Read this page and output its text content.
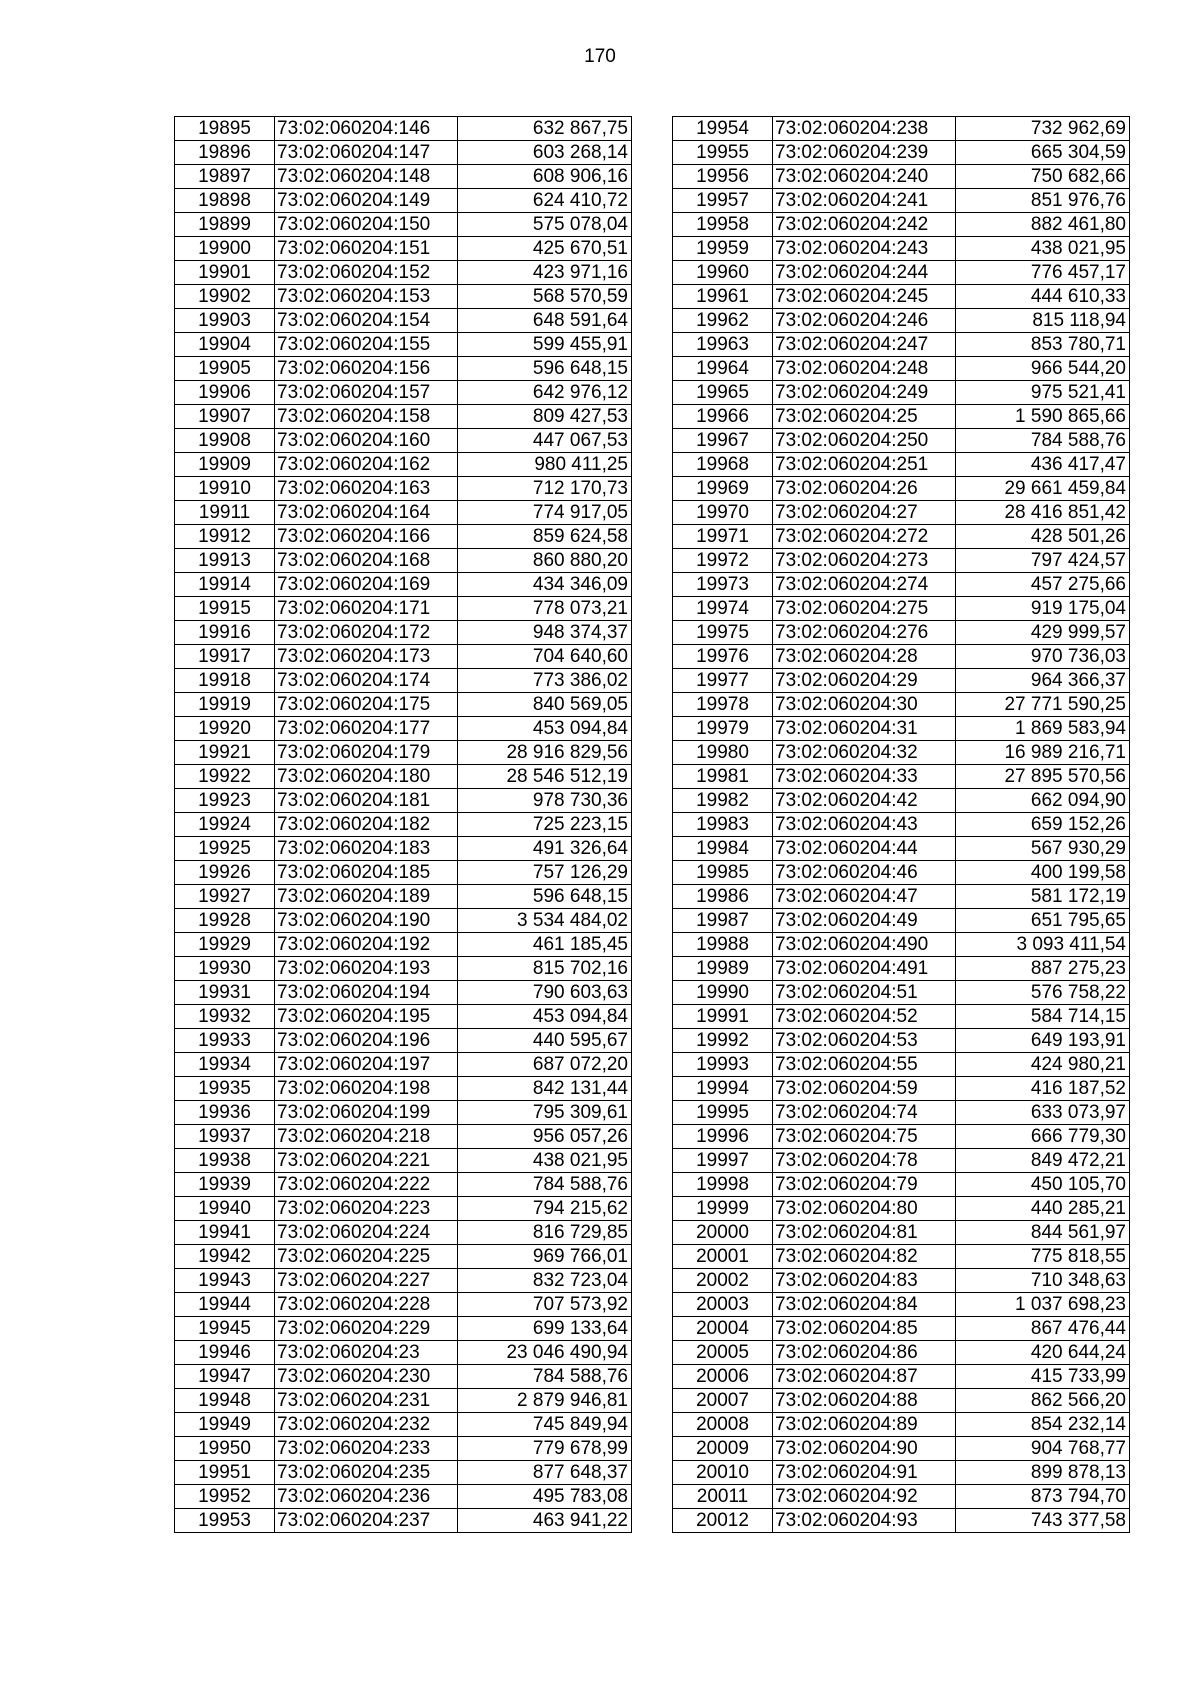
170
19895	73:02:060204:146	632 867,75
19896	73:02:060204:147	603 268,14
19897	73:02:060204:148	608 906,16
19898	73:02:060204:149	624 410,72
19899	73:02:060204:150	575 078,04
19900	73:02:060204:151	425 670,51
19901	73:02:060204:152	423 971,16
19902	73:02:060204:153	568 570,59
19903	73:02:060204:154	648 591,64
19904	73:02:060204:155	599 455,91
19905	73:02:060204:156	596 648,15
19906	73:02:060204:157	642 976,12
19907	73:02:060204:158	809 427,53
19908	73:02:060204:160	447 067,53
19909	73:02:060204:162	980 411,25
19910	73:02:060204:163	712 170,73
19911	73:02:060204:164	774 917,05
19912	73:02:060204:166	859 624,58
19913	73:02:060204:168	860 880,20
19914	73:02:060204:169	434 346,09
19915	73:02:060204:171	778 073,21
19916	73:02:060204:172	948 374,37
19917	73:02:060204:173	704 640,60
19918	73:02:060204:174	773 386,02
19919	73:02:060204:175	840 569,05
19920	73:02:060204:177	453 094,84
19921	73:02:060204:179	28 916 829,56
19922	73:02:060204:180	28 546 512,19
19923	73:02:060204:181	978 730,36
19924	73:02:060204:182	725 223,15
19925	73:02:060204:183	491 326,64
19926	73:02:060204:185	757 126,29
19927	73:02:060204:189	596 648,15
19928	73:02:060204:190	3 534 484,02
19929	73:02:060204:192	461 185,45
19930	73:02:060204:193	815 702,16
19931	73:02:060204:194	790 603,63
19932	73:02:060204:195	453 094,84
19933	73:02:060204:196	440 595,67
19934	73:02:060204:197	687 072,20
19935	73:02:060204:198	842 131,44
19936	73:02:060204:199	795 309,61
19937	73:02:060204:218	956 057,26
19938	73:02:060204:221	438 021,95
19939	73:02:060204:222	784 588,76
19940	73:02:060204:223	794 215,62
19941	73:02:060204:224	816 729,85
19942	73:02:060204:225	969 766,01
19943	73:02:060204:227	832 723,04
19944	73:02:060204:228	707 573,92
19945	73:02:060204:229	699 133,64
19946	73:02:060204:23	23 046 490,94
19947	73:02:060204:230	784 588,76
19948	73:02:060204:231	2 879 946,81
19949	73:02:060204:232	745 849,94
19950	73:02:060204:233	779 678,99
19951	73:02:060204:235	877 648,37
19952	73:02:060204:236	495 783,08
19953	73:02:060204:237	463 941,22
19954	73:02:060204:238	732 962,69
19955	73:02:060204:239	665 304,59
19956	73:02:060204:240	750 682,66
19957	73:02:060204:241	851 976,76
19958	73:02:060204:242	882 461,80
19959	73:02:060204:243	438 021,95
19960	73:02:060204:244	776 457,17
19961	73:02:060204:245	444 610,33
19962	73:02:060204:246	815 118,94
19963	73:02:060204:247	853 780,71
19964	73:02:060204:248	966 544,20
19965	73:02:060204:249	975 521,41
19966	73:02:060204:25	1 590 865,66
19967	73:02:060204:250	784 588,76
19968	73:02:060204:251	436 417,47
19969	73:02:060204:26	29 661 459,84
19970	73:02:060204:27	28 416 851,42
19971	73:02:060204:272	428 501,26
19972	73:02:060204:273	797 424,57
19973	73:02:060204:274	457 275,66
19974	73:02:060204:275	919 175,04
19975	73:02:060204:276	429 999,57
19976	73:02:060204:28	970 736,03
19977	73:02:060204:29	964 366,37
19978	73:02:060204:30	27 771 590,25
19979	73:02:060204:31	1 869 583,94
19980	73:02:060204:32	16 989 216,71
19981	73:02:060204:33	27 895 570,56
19982	73:02:060204:42	662 094,90
19983	73:02:060204:43	659 152,26
19984	73:02:060204:44	567 930,29
19985	73:02:060204:46	400 199,58
19986	73:02:060204:47	581 172,19
19987	73:02:060204:49	651 795,65
19988	73:02:060204:490	3 093 411,54
19989	73:02:060204:491	887 275,23
19990	73:02:060204:51	576 758,22
19991	73:02:060204:52	584 714,15
19992	73:02:060204:53	649 193,91
19993	73:02:060204:55	424 980,21
19994	73:02:060204:59	416 187,52
19995	73:02:060204:74	633 073,97
19996	73:02:060204:75	666 779,30
19997	73:02:060204:78	849 472,21
19998	73:02:060204:79	450 105,70
19999	73:02:060204:80	440 285,21
20000	73:02:060204:81	844 561,97
20001	73:02:060204:82	775 818,55
20002	73:02:060204:83	710 348,63
20003	73:02:060204:84	1 037 698,23
20004	73:02:060204:85	867 476,44
20005	73:02:060204:86	420 644,24
20006	73:02:060204:87	415 733,99
20007	73:02:060204:88	862 566,20
20008	73:02:060204:89	854 232,14
20009	73:02:060204:90	904 768,77
20010	73:02:060204:91	899 878,13
20011	73:02:060204:92	873 794,70
20012	73:02:060204:93	743 377,58
